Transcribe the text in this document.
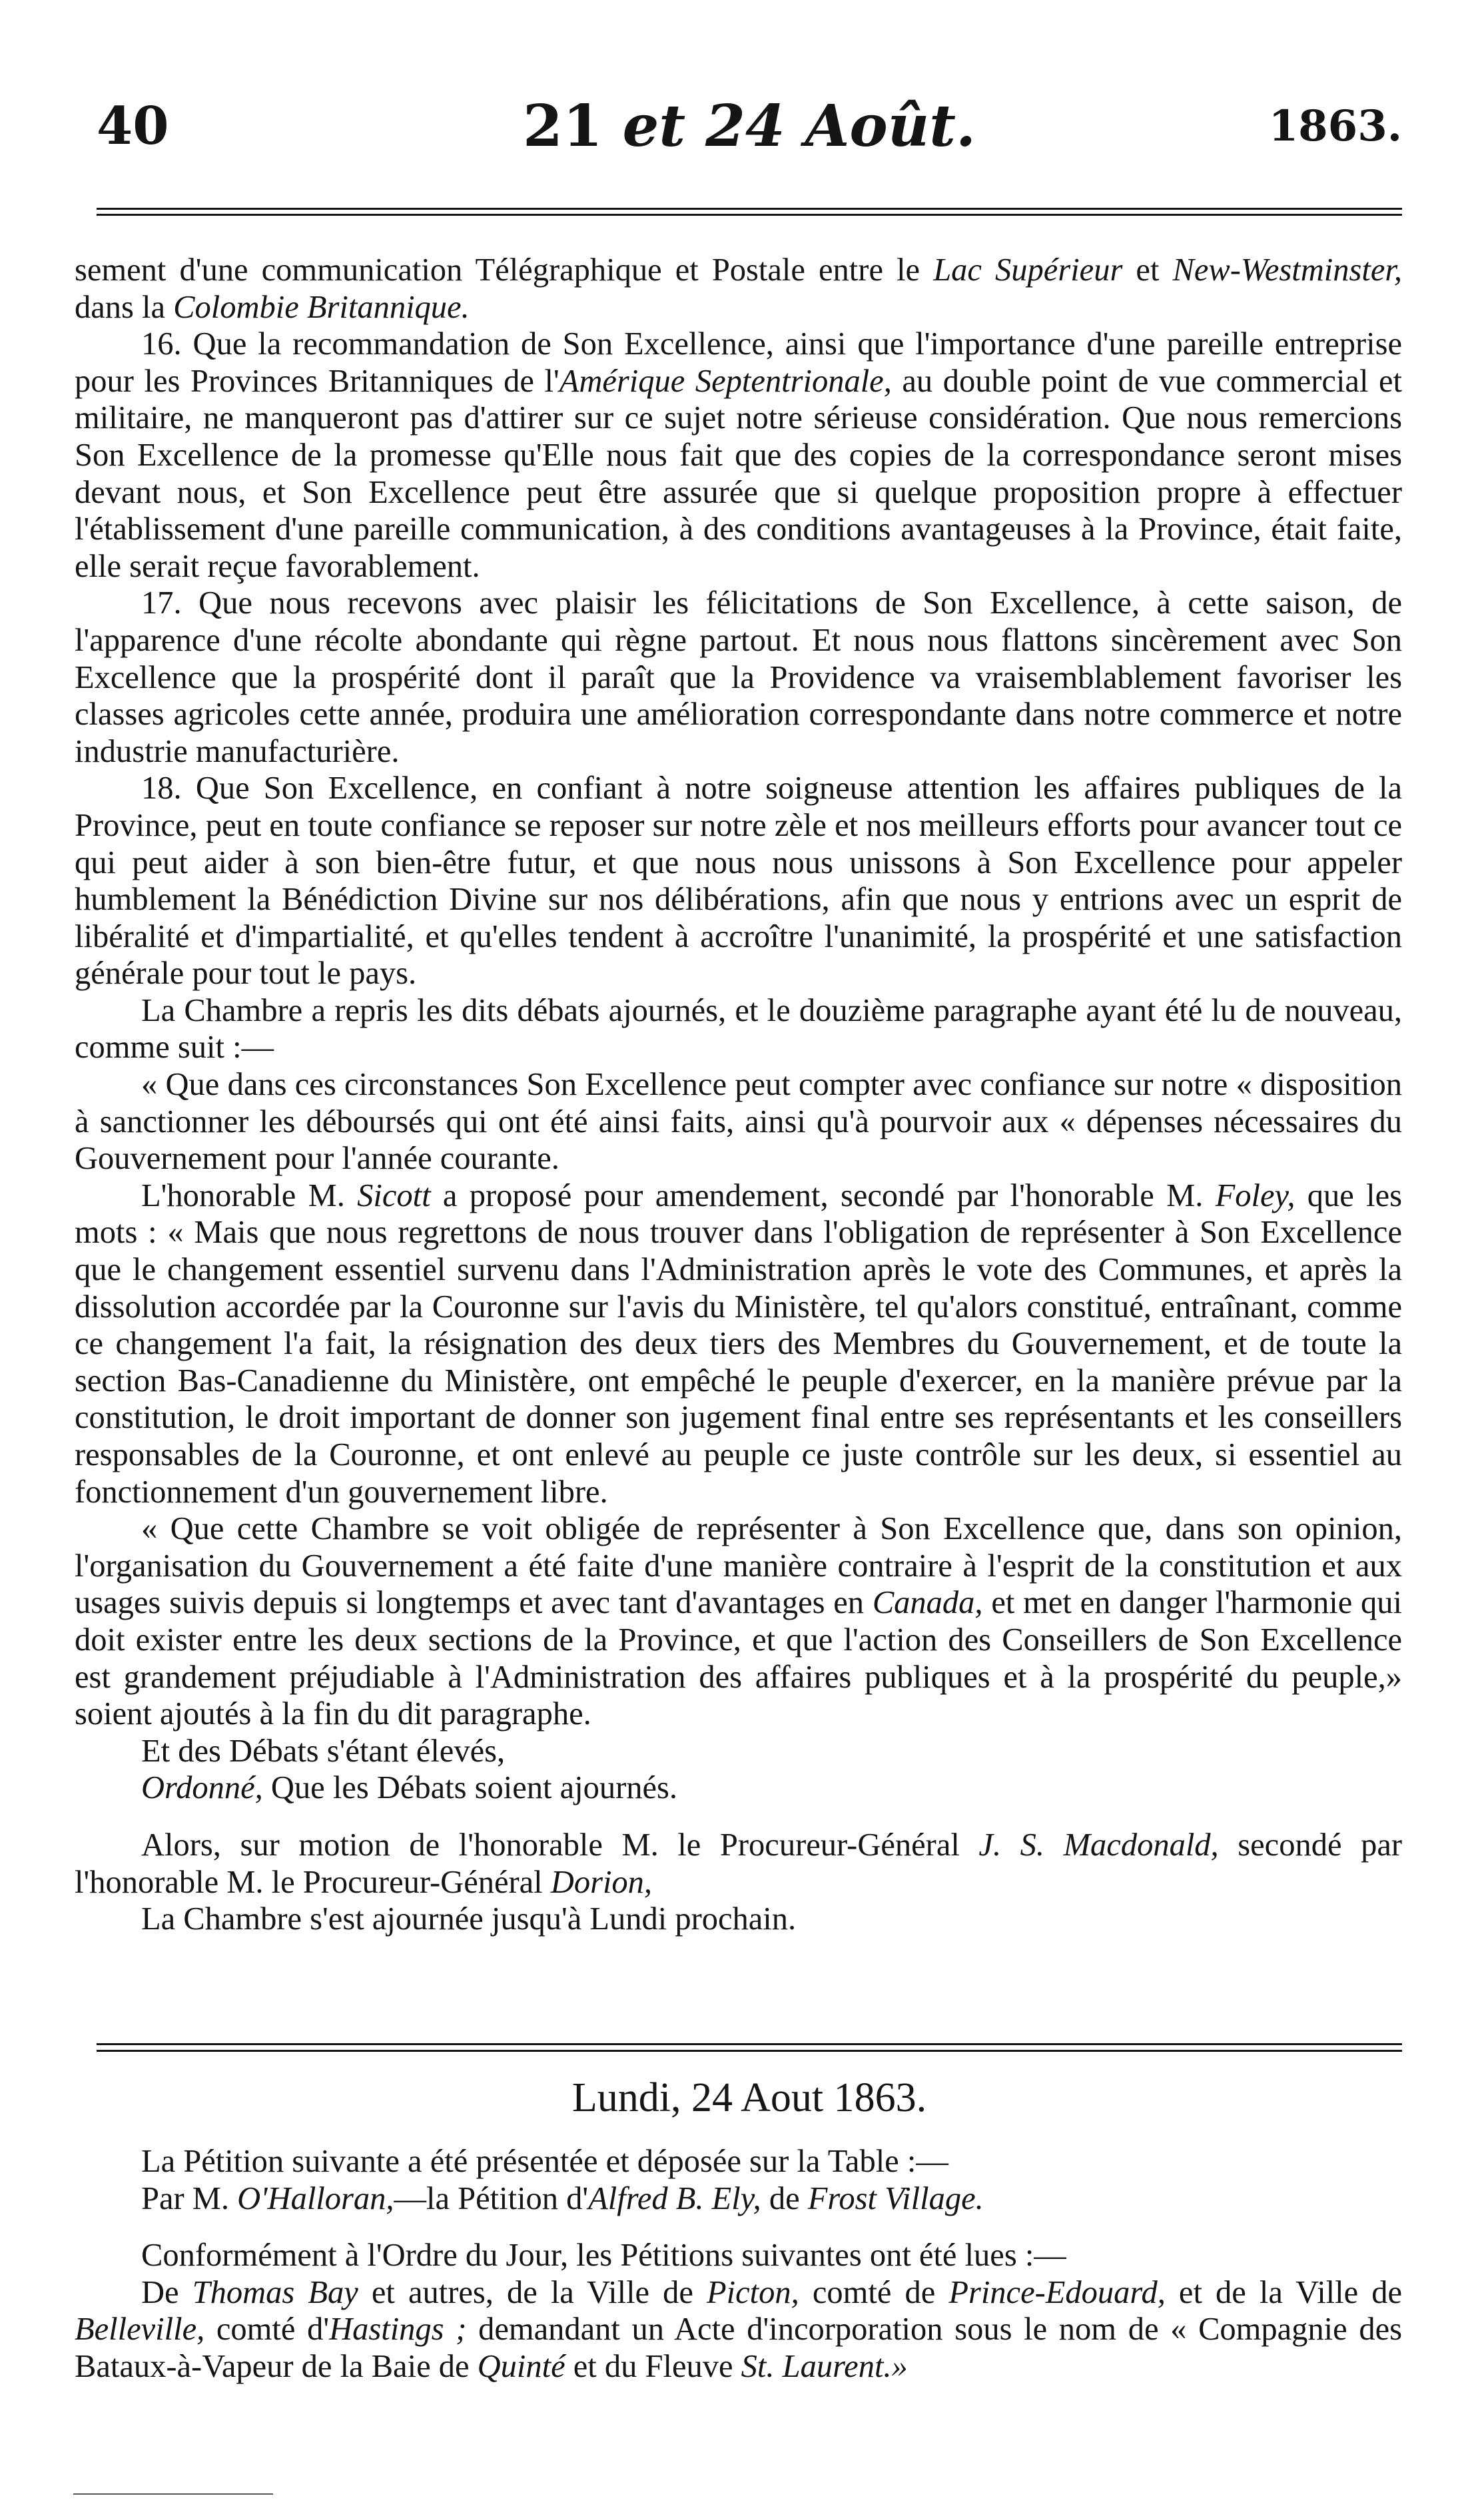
40	21 et 24 Août.	1863.

sement d'une communication Télégraphique et Postale entre le Lac Supérieur et New-Westminster, dans la Colombie Britannique.

16. Que la recommandation de Son Excellence, ainsi que l'importance d'une pareille entreprise pour les Provinces Britanniques de l'Amérique Septentrionale, au double point de vue commercial et militaire, ne manqueront pas d'attirer sur ce sujet notre sérieuse considération. Que nous remercions Son Excellence de la promesse qu'Elle nous fait que des copies de la correspondance seront mises devant nous, et Son Excellence peut être assurée que si quelque proposition propre à effectuer l'établissement d'une pareille communication, à des conditions avantageuses à la Province, était faite, elle serait reçue favorablement.

17. Que nous recevons avec plaisir les félicitations de Son Excellence, à cette saison, de l'apparence d'une récolte abondante qui règne partout. Et nous nous flattons sincèrement avec Son Excellence que la prospérité dont il paraît que la Providence va vraisemblablement favoriser les classes agricoles cette année, produira une amélioration correspondante dans notre commerce et notre industrie manufacturière.

18. Que Son Excellence, en confiant à notre soigneuse attention les affaires publiques de la Province, peut en toute confiance se reposer sur notre zèle et nos meilleurs efforts pour avancer tout ce qui peut aider à son bien-être futur, et que nous nous unissons à Son Excellence pour appeler humblement la Bénédiction Divine sur nos délibérations, afin que nous y entrions avec un esprit de libéralité et d'impartialité, et qu'elles tendent à accroître l'unanimité, la prospérité et une satisfaction générale pour tout le pays.

La Chambre a repris les dits débats ajournés, et le douzième paragraphe ayant été lu de nouveau, comme suit :—

« Que dans ces circonstances Son Excellence peut compter avec confiance sur notre « disposition à sanctionner les déboursés qui ont été ainsi faits, ainsi qu'à pourvoir aux « dépenses nécessaires du Gouvernement pour l'année courante.

L'honorable M. Sicott a proposé pour amendement, secondé par l'honorable M. Foley, que les mots : « Mais que nous regrettons de nous trouver dans l'obligation de représenter à Son Excellence que le changement essentiel survenu dans l'Administration après le vote des Communes, et après la dissolution accordée par la Couronne sur l'avis du Ministère, tel qu'alors constitué, entraînant, comme ce changement l'a fait, la résignation des deux tiers des Membres du Gouvernement, et de toute la section Bas-Canadienne du Ministère, ont empêché le peuple d'exercer, en la manière prévue par la constitution, le droit important de donner son jugement final entre ses représentants et les conseillers responsables de la Couronne, et ont enlevé au peuple ce juste contrôle sur les deux, si essentiel au fonctionnement d'un gouvernement libre.

« Que cette Chambre se voit obligée de représenter à Son Excellence que, dans son opinion, l'organisation du Gouvernement a été faite d'une manière contraire à l'esprit de la constitution et aux usages suivis depuis si longtemps et avec tant d'avantages en Canada, et met en danger l'harmonie qui doit exister entre les deux sections de la Province, et que l'action des Conseillers de Son Excellence est grandement préjudiable à l'Administration des affaires publiques et à la prospérité du peuple,» soient ajoutés à la fin du dit paragraphe.

Et des Débats s'étant élevés,

Ordonné, Que les Débats soient ajournés.

Alors, sur motion de l'honorable M. le Procureur-Général J. S. Macdonald, secondé par l'honorable M. le Procureur-Général Dorion,

La Chambre s'est ajournée jusqu'à Lundi prochain.

Lundi, 24 Aout 1863.

La Pétition suivante a été présentée et déposée sur la Table :—

Par M. O'Halloran,—la Pétition d'Alfred B. Ely, de Frost Village.

Conformément à l'Ordre du Jour, les Pétitions suivantes ont été lues :—

De Thomas Bay et autres, de la Ville de Picton, comté de Prince-Edouard, et de la Ville de Belleville, comté d'Hastings ; demandant un Acte d'incorporation sous le nom de « Compagnie des Bataux-à-Vapeur de la Baie de Quinté et du Fleuve St. Laurent.»
